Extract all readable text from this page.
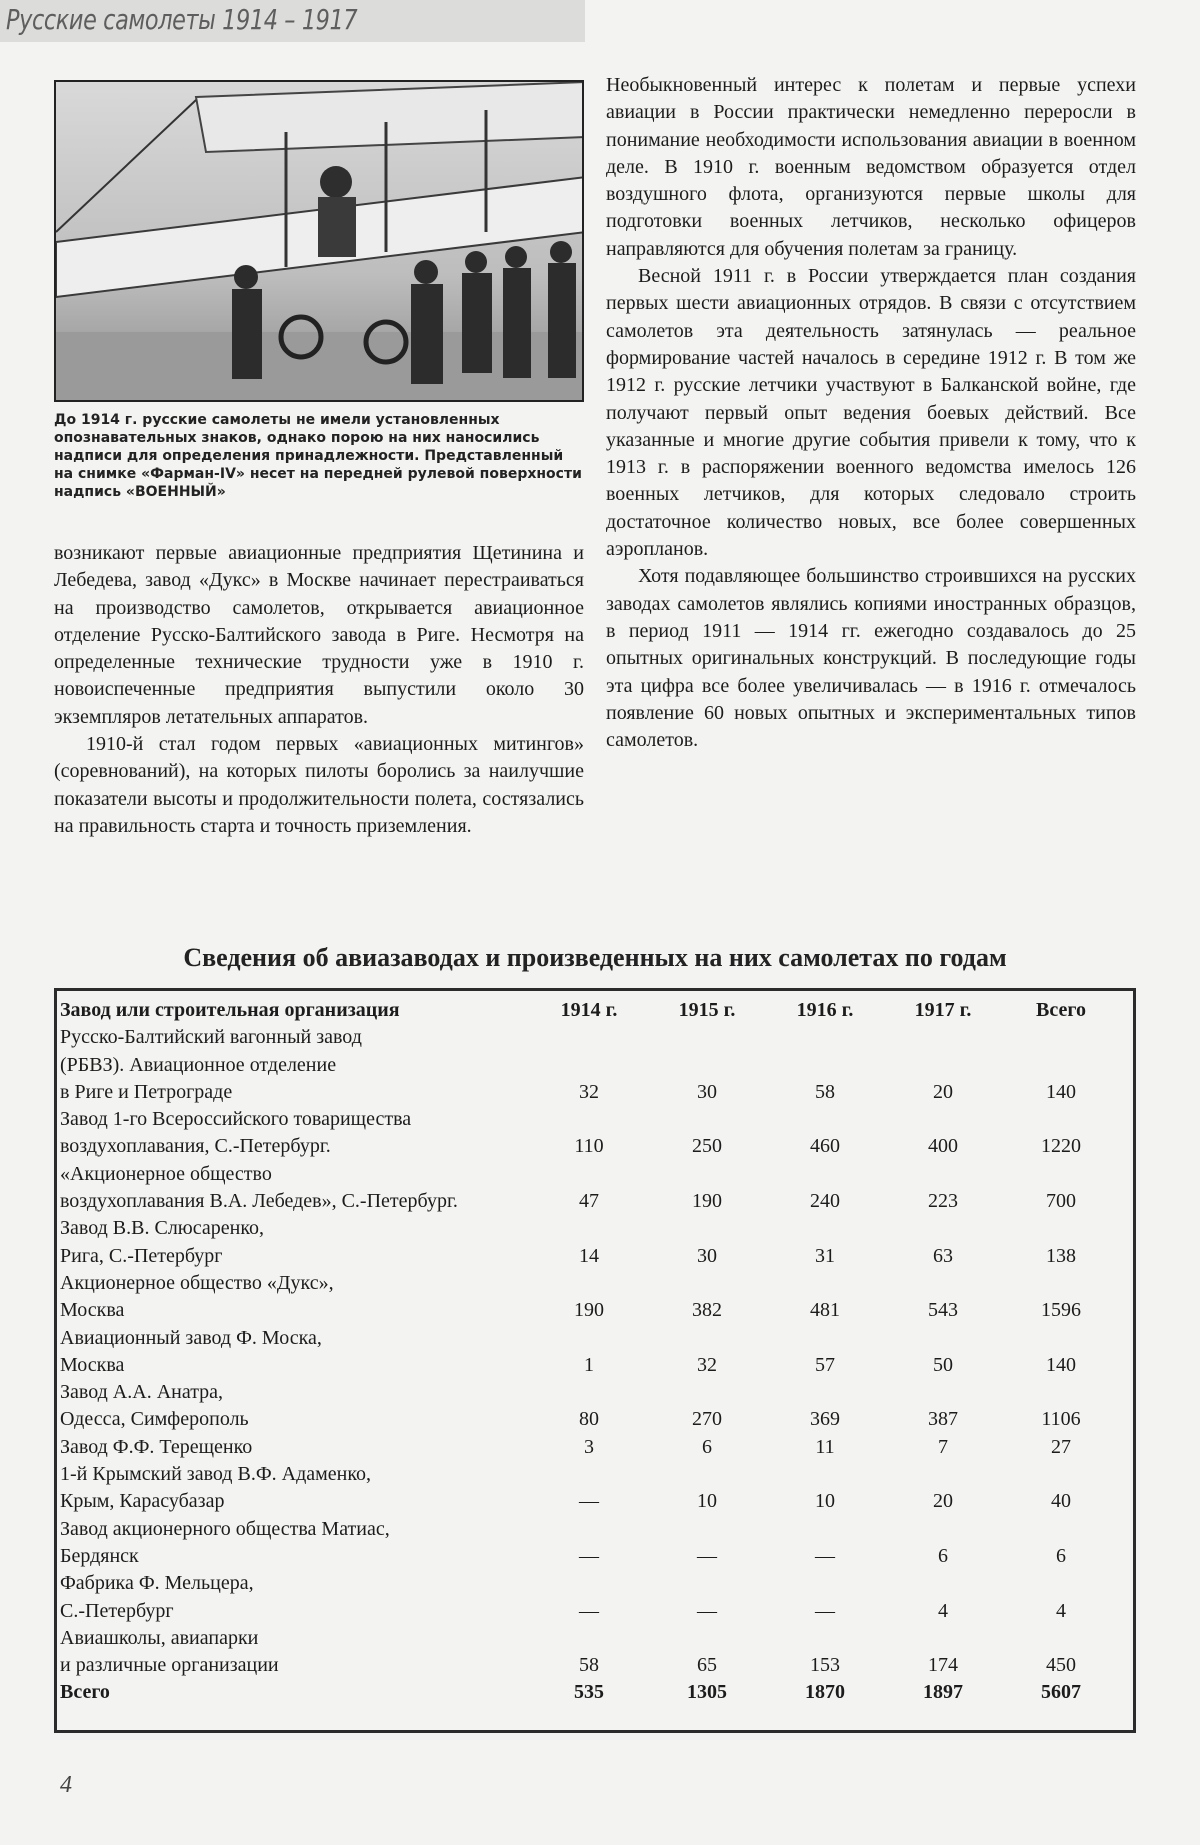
Русские самолеты 1914 – 1917
До 1914 г. русские самолеты не имели установленных опознавательных знаков, однако порою на них наносились надписи для определения принадлежности. Представленный на снимке «Фарман-IV» несет на передней рулевой поверхности надпись «ВОЕННЫЙ»

возникают первые авиационные предприятия Щетинина и Лебедева, завод «Дукс» в Москве начинает перестраиваться на производство самолетов, открывается авиационное отделение Русско-Балтийского завода в Риге. Несмотря на определенные технические трудности уже в 1910 г. новоиспеченные предприятия выпустили около 30 экземпляров летательных аппаратов.

1910-й стал годом первых «авиационных митингов» (соревнований), на которых пилоты боролись за наилучшие показатели высоты и продолжительности полета, состязались на правильность старта и точность приземления.

Необыкновенный интерес к полетам и первые успехи авиации в России практически немедленно переросли в понимание необходимости использования авиации в военном деле. В 1910 г. военным ведомством образуется отдел воздушного флота, организуются первые школы для подготовки военных летчиков, несколько офицеров направляются для обучения полетам за границу.

Весной 1911 г. в России утверждается план создания первых шести авиационных отрядов. В связи с отсутствием самолетов эта деятельность затянулась — реальное формирование частей началось в середине 1912 г. В том же 1912 г. русские летчики участвуют в Балканской войне, где получают первый опыт ведения боевых действий. Все указанные и многие другие события привели к тому, что к 1913 г. в распоряжении военного ведомства имелось 126 военных летчиков, для которых следовало строить достаточное количество новых, все более совершенных аэропланов.

Хотя подавляющее большинство строившихся на русских заводах самолетов являлись копиями иностранных образцов, в период 1911 — 1914 гг. ежегодно создавалось до 25 опытных оригинальных конструкций. В последующие годы эта цифра все более увеличивалась — в 1916 г. отмечалось появление 60 новых опытных и экспериментальных типов самолетов.

Сведения об авиазаводах и произведенных на них самолетах по годам
Завод или строительная организация	1914 г.	1915 г.	1916 г.	1917 г.	Всего

Русско-Балтийский вагонный завод
(РБВЗ). Авиационное отделение
в Риге и Петрограде	32	30	58	20	140

Завод 1-го Всероссийского товарищества
воздухоплавания, С.-Петербург.	110	250	460	400	1220

«Акционерное общество
воздухоплавания В.А. Лебедев», С.-Петербург.	47	190	240	223	700

Завод В.В. Слюсаренко,
Рига, С.-Петербург	14	30	31	63	138

Акционерное общество «Дукс»,
Москва	190	382	481	543	1596

Авиационный завод Ф. Моска,
Москва	1	32	57	50	140

Завод А.А. Анатра,
Одесса, Симферополь	80	270	369	387	1106

Завод Ф.Ф. Терещенко	3	6	11	7	27

1-й Крымский завод В.Ф. Адаменко,
Крым, Карасубазар	—	10	10	20	40

Завод акционерного общества Матиас,
Бердянск	—	—	—	6	6

Фабрика Ф. Мельцера,
С.-Петербург	—	—	—	4	4

Авиашколы, авиапарки
и различные организации	58	65	153	174	450
Всего	535	1305	1870	1897	5607
4
